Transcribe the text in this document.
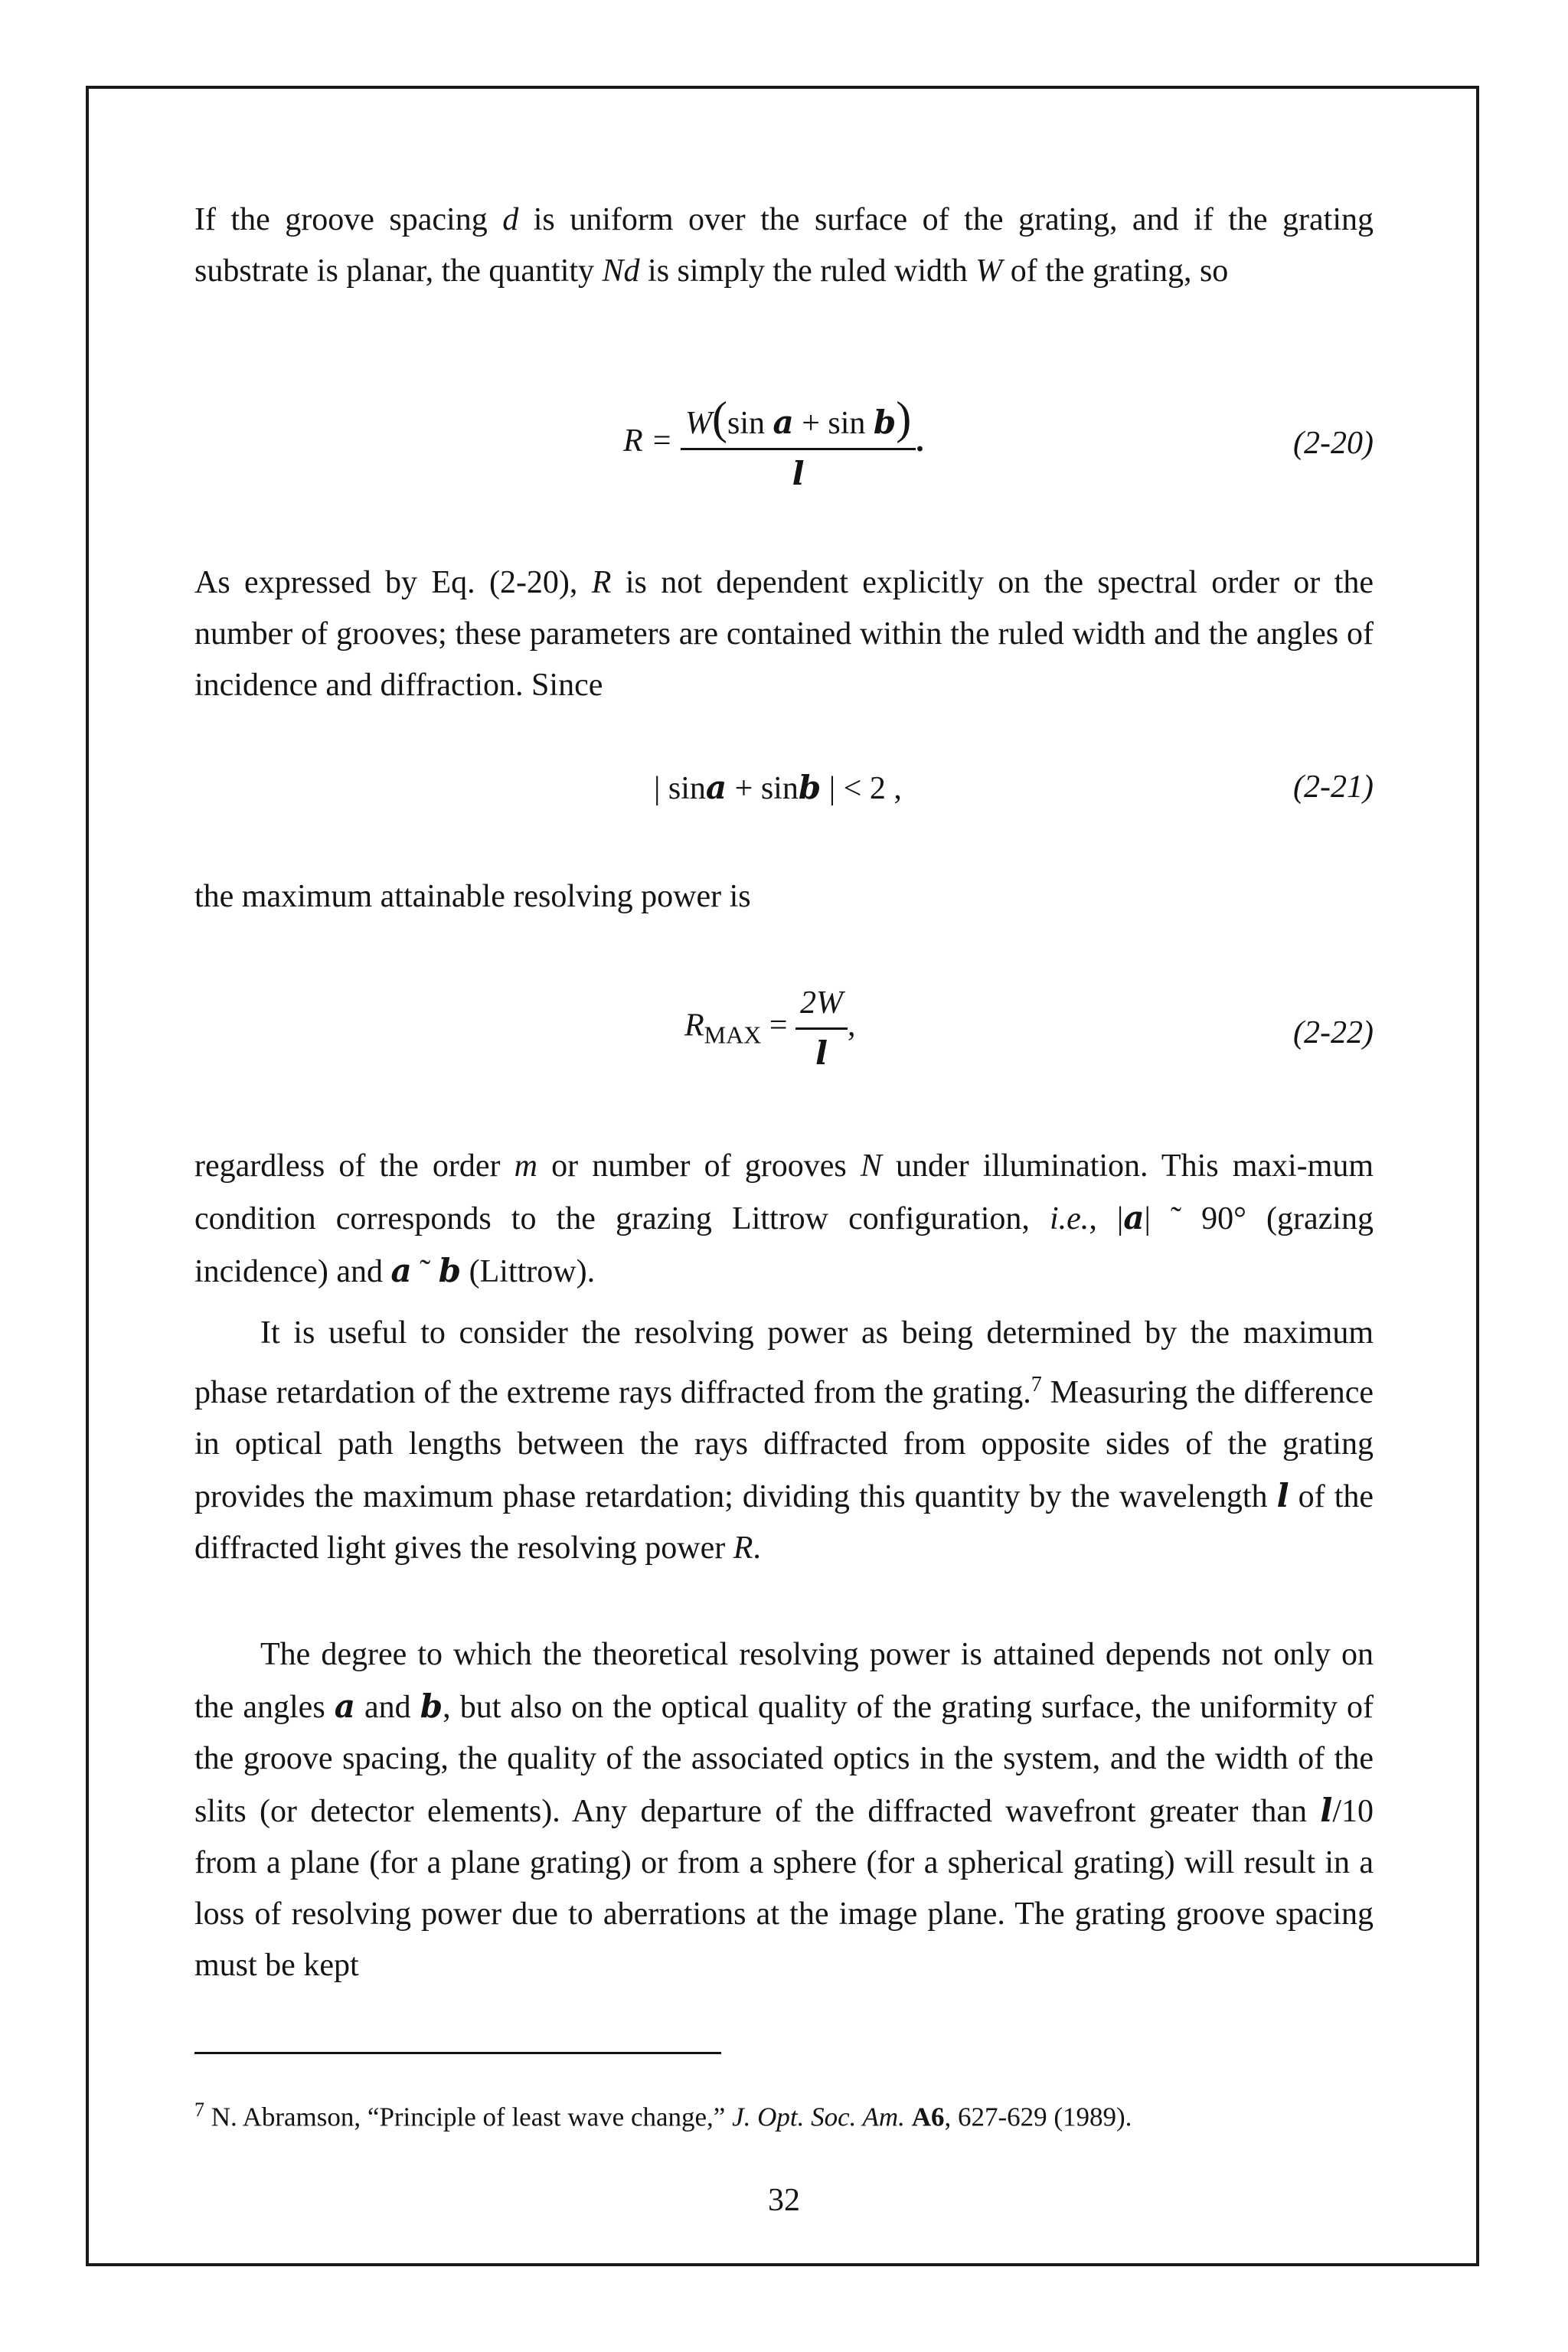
If the groove spacing d is uniform over the surface of the grating, and if the grating substrate is planar, the quantity Nd is simply the ruled width W of the grating, so

$R = \frac{\text{W(sin a + sin b)}}{l}$ .	(2-20)

As expressed by Eq. (2-20), R is not dependent explicitly on the spectral order or the number of grooves; these parameters are contained within the ruled width and the angles of incidence and diffraction. Since

| sina + sinb | < 2 ,	(2-21)

the maximum attainable resolving power is

$R_{MAX} = \frac{2W}{l}$ ,	(2-22)

regardless of the order m or number of grooves N under illumination. This maxi-mum condition corresponds to the grazing Littrow configuration, i.e., |a| ˜ 90° (grazing incidence) and a ˜ b (Littrow).

It is useful to consider the resolving power as being determined by the maximum phase retardation of the extreme rays diffracted from the grating.$^7$ Measuring the difference in optical path lengths between the rays diffracted from opposite sides of the grating provides the maximum phase retardation; dividing this quantity by the wavelength l of the diffracted light gives the resolving power R.

The degree to which the theoretical resolving power is attained depends not only on the angles a and b, but also on the optical quality of the grating surface, the uniformity of the groove spacing, the quality of the associated optics in the system, and the width of the slits (or detector elements). Any departure of the diffracted wavefront greater than l/10 from a plane (for a plane grating) or from a sphere (for a spherical grating) will result in a loss of resolving power due to aberrations at the image plane. The grating groove spacing must be kept

$^7$ N. Abramson, “Principle of least wave change,” J. Opt. Soc. Am. A6, 627-629 (1989).
32
